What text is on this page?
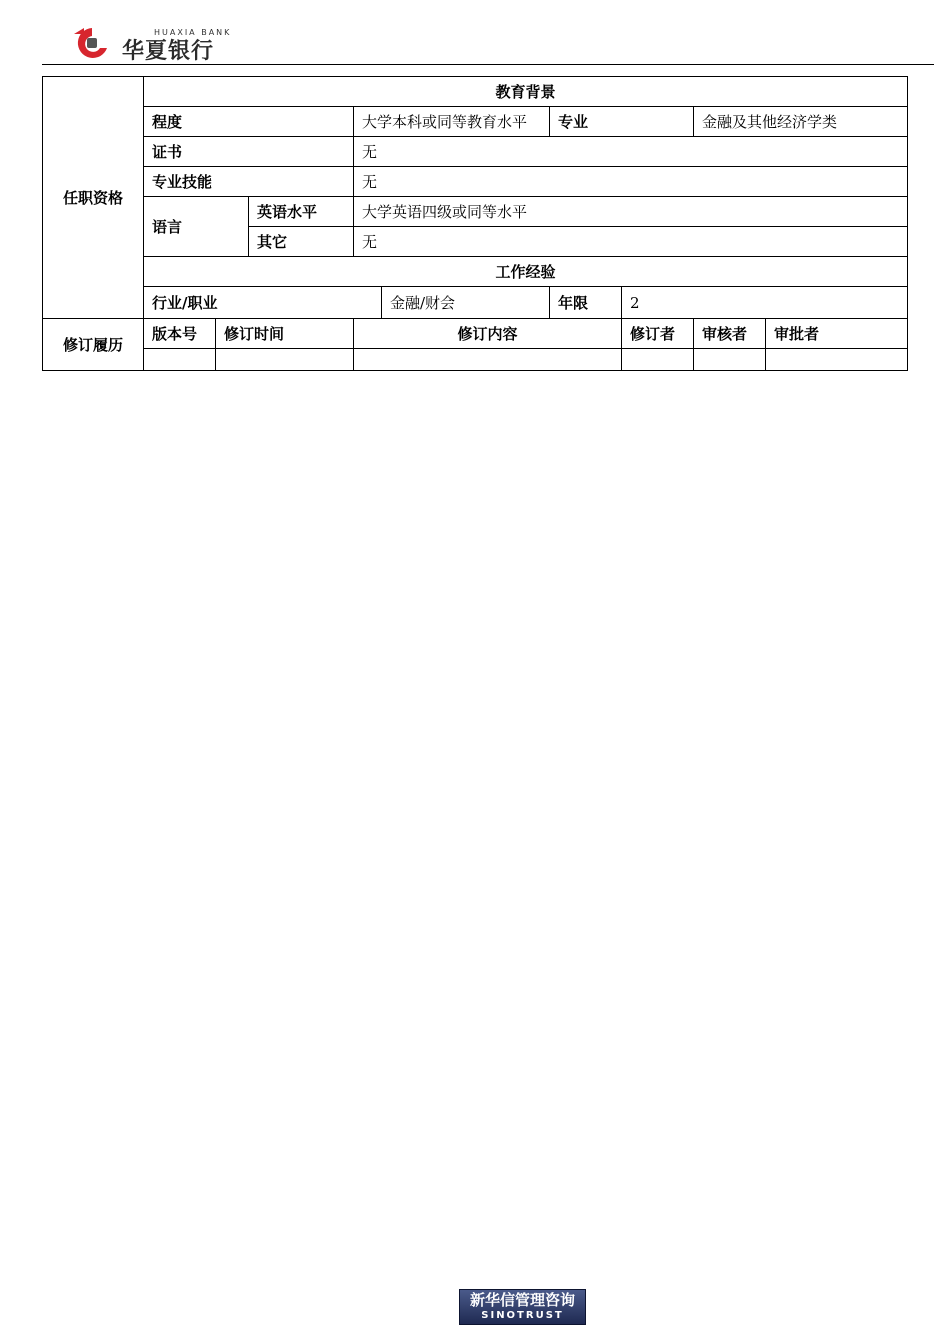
HUAXIA BANK
华夏银行
任职资格	教育背景								
	程度			大学本科或同等教育水平		专业		金融及其他经济学类	
	证书			无					
	专业技能			无					
	语言		英语水平	大学英语四级或同等水平					
			其它	无					
	工作经验								
	行业/职业				金融/财会	年限	2		
修订履历	版本号	修订时间		修订内容			修订者	审核者	审批者

新华信管理咨询
SINOTRUST
